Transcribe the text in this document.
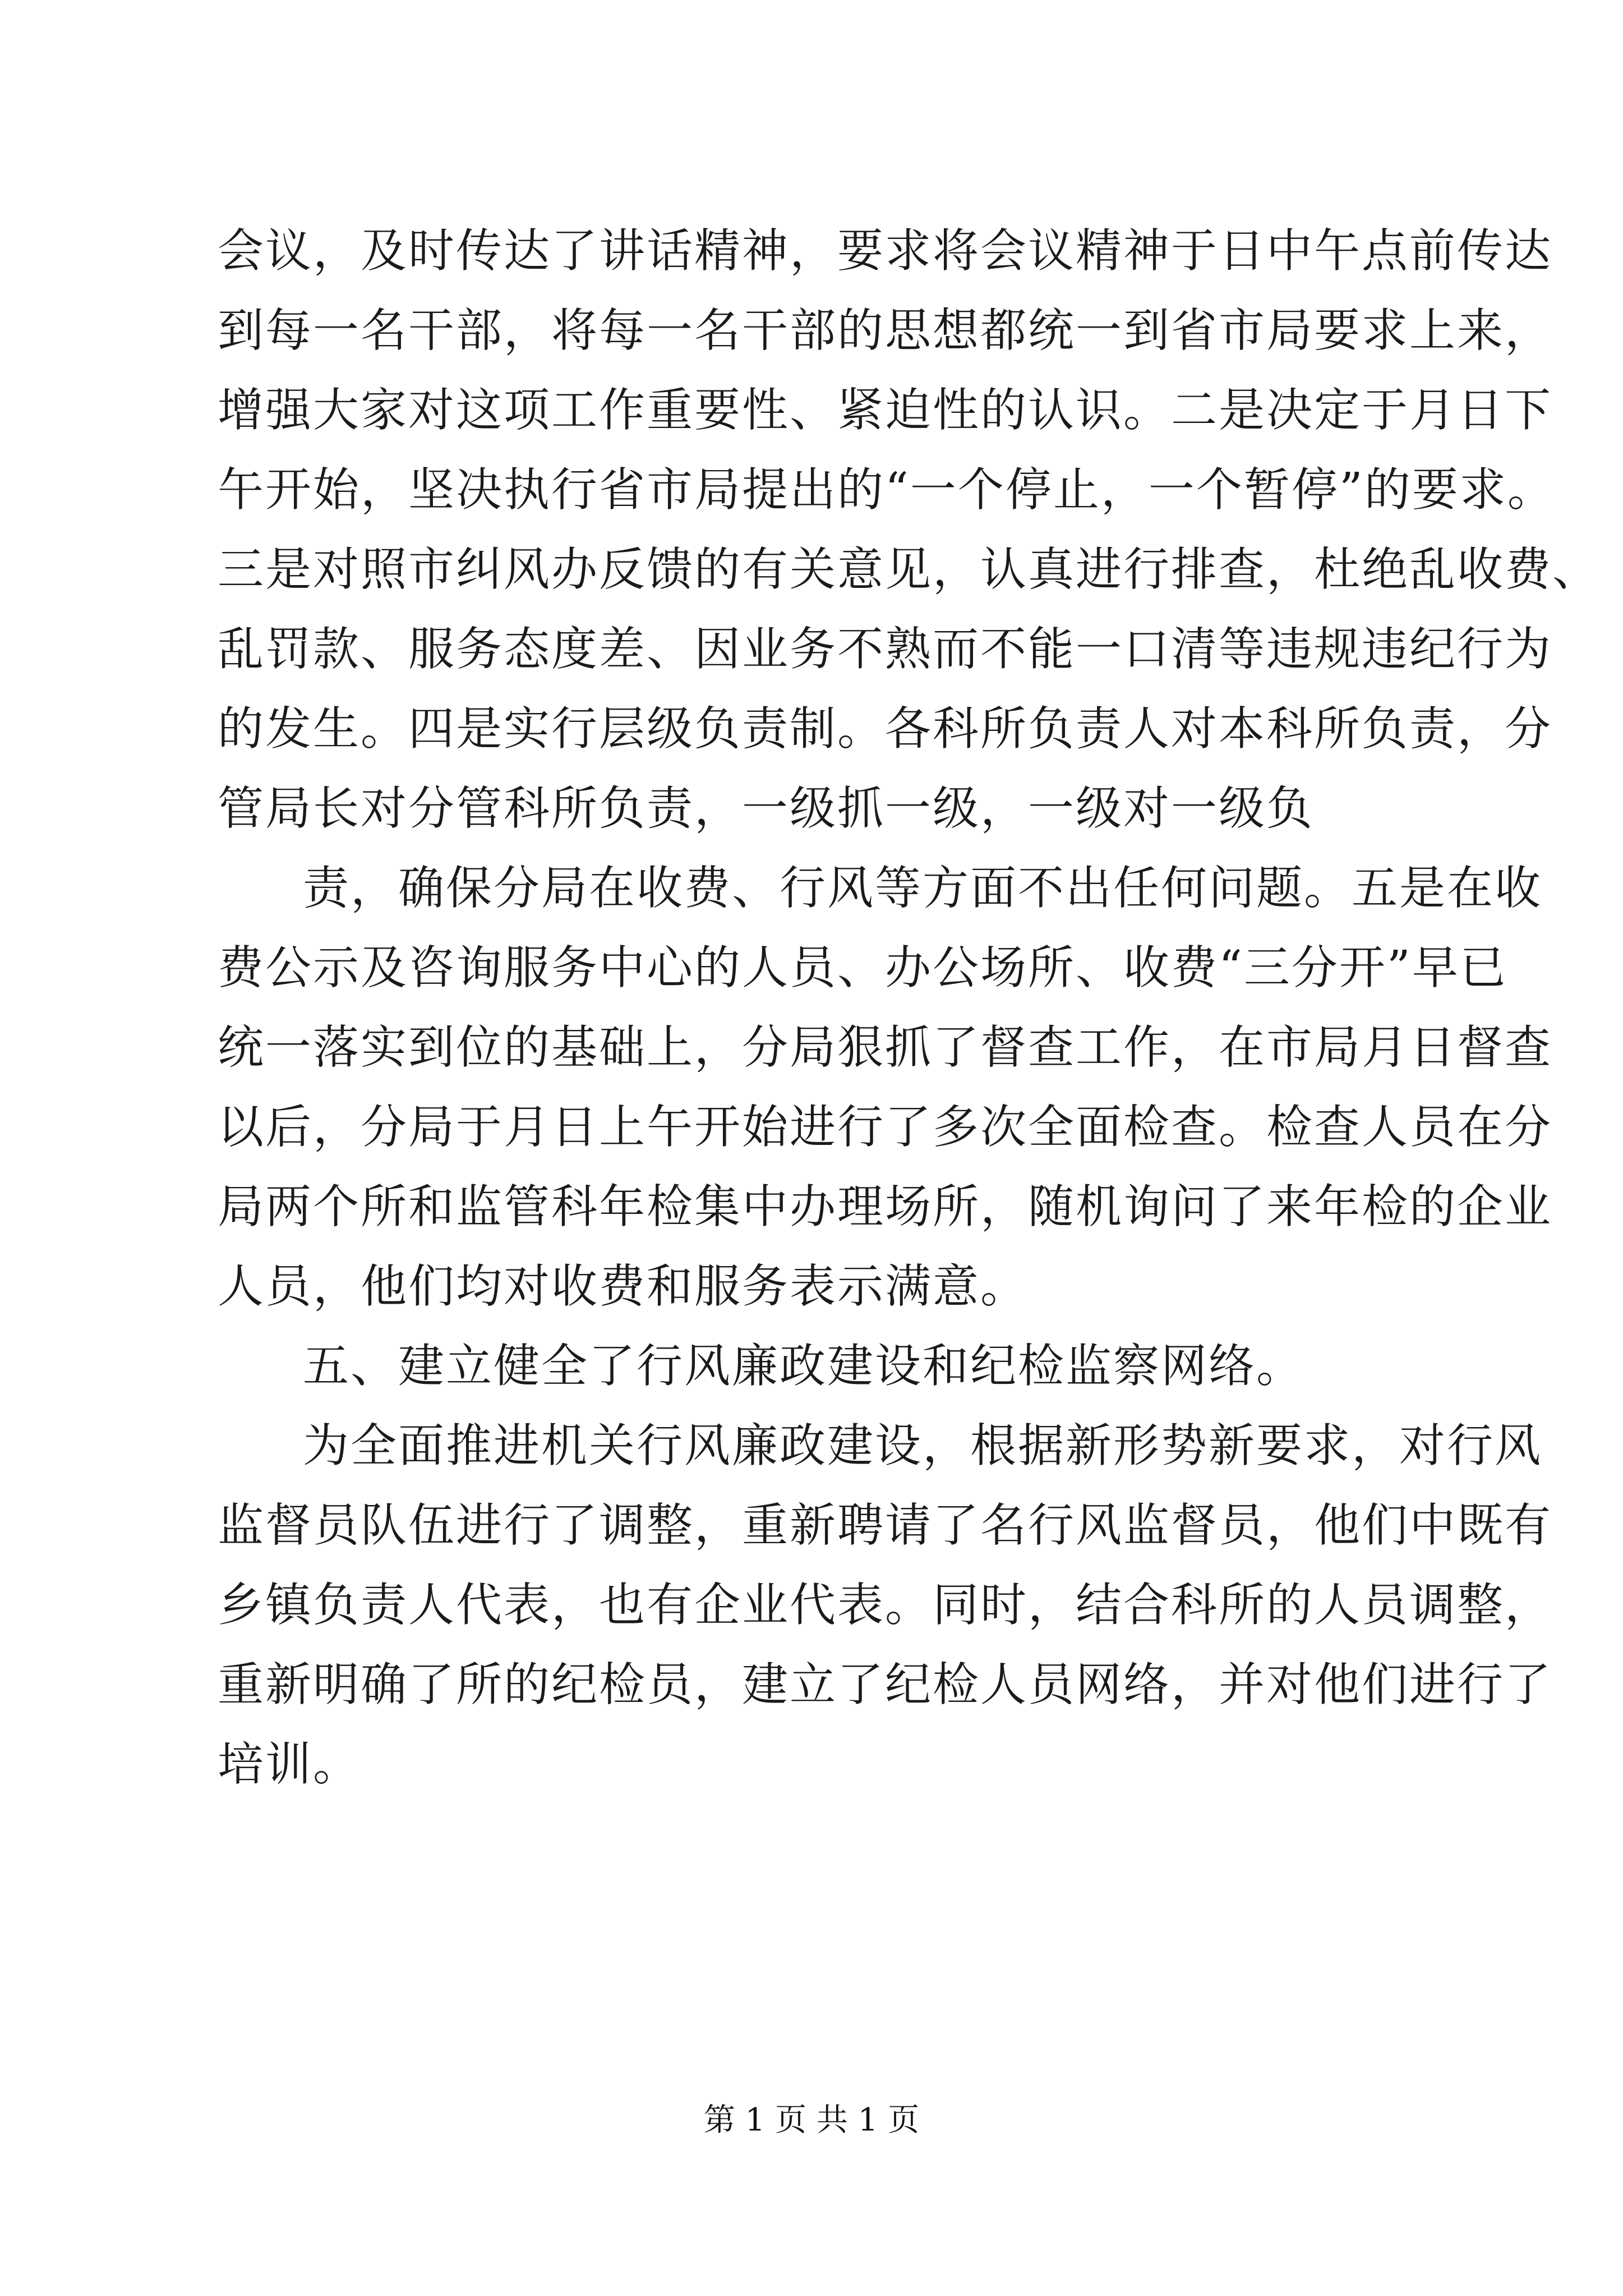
会议，及时传达了讲话精神，要求将会议精神于日中午点前传达
到每一名干部，将每一名干部的思想都统一到省市局要求上来，
增强大家对这项工作重要性、紧迫性的认识。二是决定于月日下
午开始，坚决执行省市局提出的“一个停止，一个暂停”的要求。
三是对照市纠风办反馈的有关意见，认真进行排查，杜绝乱收费、
乱罚款、服务态度差、因业务不熟而不能一口清等违规违纪行为
的发生。四是实行层级负责制。各科所负责人对本科所负责，分
管局长对分管科所负责，一级抓一级，一级对一级负
责，确保分局在收费、行风等方面不出任何问题。五是在收
费公示及咨询服务中心的人员、办公场所、收费“三分开”早已
统一落实到位的基础上，分局狠抓了督查工作，在市局月日督查
以后，分局于月日上午开始进行了多次全面检查。检查人员在分
局两个所和监管科年检集中办理场所，随机询问了来年检的企业
人员，他们均对收费和服务表示满意。
五、建立健全了行风廉政建设和纪检监察网络。
为全面推进机关行风廉政建设，根据新形势新要求，对行风
监督员队伍进行了调整，重新聘请了名行风监督员，他们中既有
乡镇负责人代表，也有企业代表。同时，结合科所的人员调整，
重新明确了所的纪检员，建立了纪检人员网络，并对他们进行了
培训。
第 1 页 共 1 页
